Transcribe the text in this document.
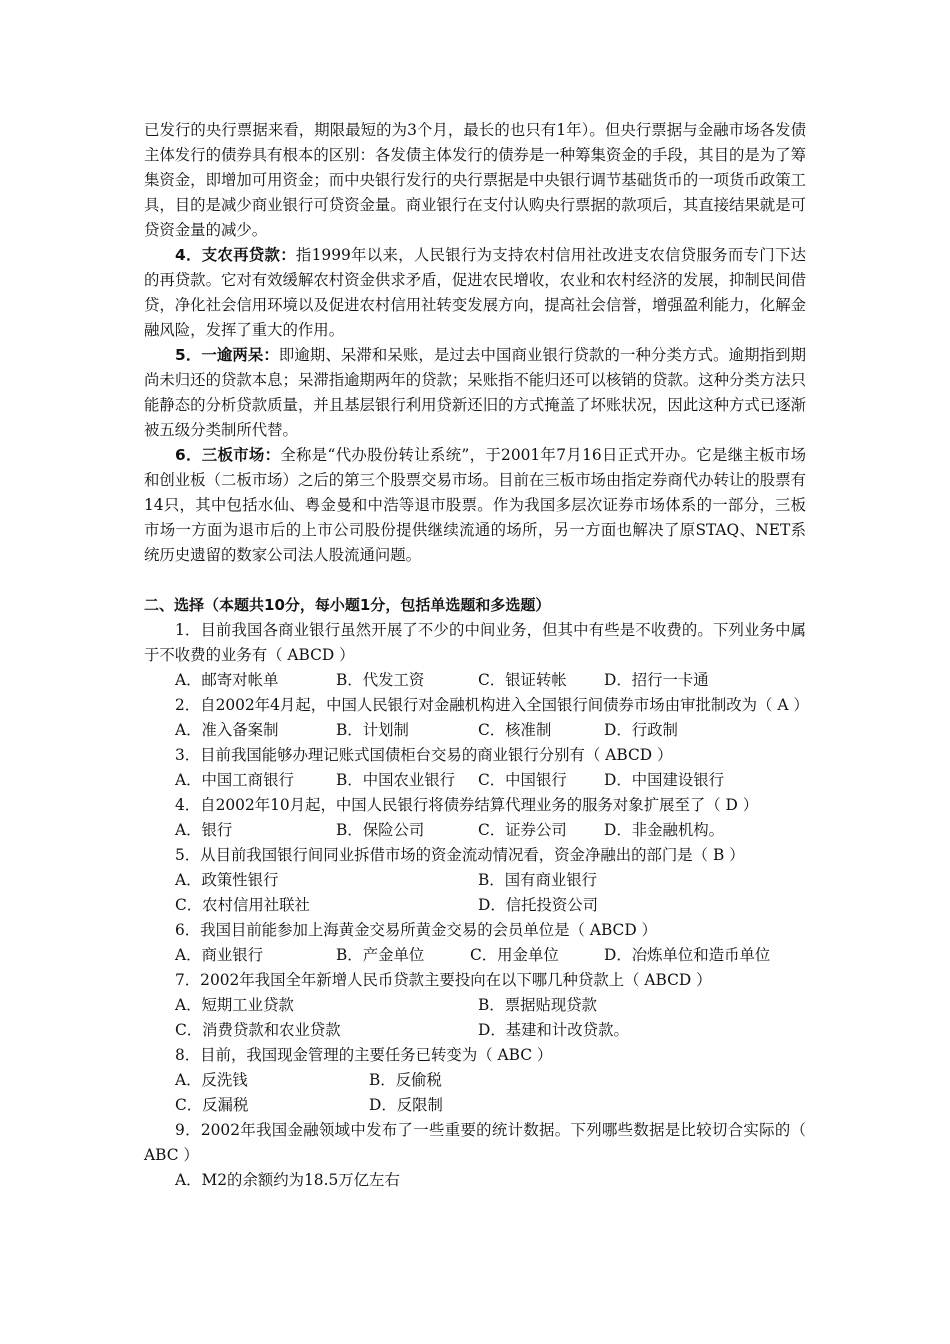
已发行的央行票据来看，期限最短的为3个月，最长的也只有1年）。但央行票据与金融市场各发债主体发行的债券具有根本的区别：各发债主体发行的债券是一种筹集资金的手段，其目的是为了筹集资金，即增加可用资金；而中央银行发行的央行票据是中央银行调节基础货币的一项货币政策工具，目的是减少商业银行可贷资金量。商业银行在支付认购央行票据的款项后，其直接结果就是可贷资金量的减少。

4．支农再贷款：指1999年以来，人民银行为支持农村信用社改进支农信贷服务而专门下达的再贷款。它对有效缓解农村资金供求矛盾，促进农民增收，农业和农村经济的发展，抑制民间借贷，净化社会信用环境以及促进农村信用社转变发展方向，提高社会信誉，增强盈利能力，化解金融风险，发挥了重大的作用。

5．一逾两呆：即逾期、呆滞和呆账，是过去中国商业银行贷款的一种分类方式。逾期指到期尚未归还的贷款本息；呆滞指逾期两年的贷款；呆账指不能归还可以核销的贷款。这种分类方法只能静态的分析贷款质量，并且基层银行利用贷新还旧的方式掩盖了坏账状况，因此这种方式已逐渐被五级分类制所代替。

6．三板市场：全称是“代办股份转让系统”，于2001年7月16日正式开办。它是继主板市场和创业板（二板市场）之后的第三个股票交易市场。目前在三板市场由指定券商代办转让的股票有14只，其中包括水仙、粤金曼和中浩等退市股票。作为我国多层次证券市场体系的一部分，三板市场一方面为退市后的上市公司股份提供继续流通的场所，另一方面也解决了原STAQ、NET系统历史遗留的数家公司法人股流通问题。

二、选择（本题共10分，每小题1分，包括单选题和多选题）

1．目前我国各商业银行虽然开展了不少的中间业务，但其中有些是不收费的。下列业务中属于不收费的业务有（ ABCD ）

A．邮寄对帐单	B．代发工资	C．银证转帐 D．招行一卡通

2．自2002年4月起，中国人民银行对金融机构进入全国银行间债券市场由审批制改为（ A ）

A．准入备案制	B．计划制	C．核准制	D．行政制

3．目前我国能够办理记账式国债柜台交易的商业银行分别有（ ABCD ）

A．中国工商银行	B．中国农业银行 C．中国银行 D．中国建设银行

4．自2002年10月起，中国人民银行将债券结算代理业务的服务对象扩展至了（ D ）

A．银行	B．保险公司	C．证券公司 D．非金融机构。

5．从目前我国银行间同业拆借市场的资金流动情况看，资金净融出的部门是（ B ）

A．政策性银行	B．国有商业银行
C．农村信用社联社	D．信托投资公司

6．我国目前能参加上海黄金交易所黄金交易的会员单位是（ ABCD ）

A．商业银行	B．产金单位	C．用金单位	D．冶炼单位和造币单位

7．2002年我国全年新增人民币贷款主要投向在以下哪几种贷款上（ ABCD ）

A．短期工业贷款	B．票据贴现贷款
C．消费贷款和农业贷款	D．基建和计改贷款。

8．目前，我国现金管理的主要任务已转变为（ ABC ）

A．反洗钱	B．反偷税
C．反漏税	D．反限制

9．2002年我国金融领域中发布了一些重要的统计数据。下列哪些数据是比较切合实际的（ ABC ）

A．M2的余额约为18.5万亿左右
